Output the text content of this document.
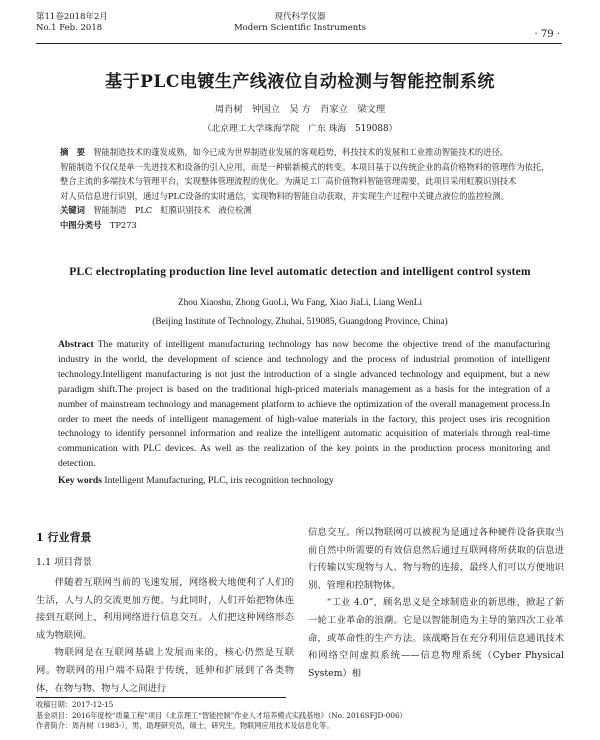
第11卷2018年2月
No.1 Feb. 2018
现代科学仪器
Modern Scientific Instruments
· 79 ·
基于PLC电镀生产线液位自动检测与智能控制系统
周肖树　钟国立　吴 方　肖家立　梁文理
（北京理工大学珠海学院　广东 珠海　519088）

摘　要　 智能制造技术的蓬发成熟，如今已成为世界制造业发展的客观趋势，科技技术的发展和工业推动智能技术的进径。

智能制造不仅仅是单一先进技术和设备的引入应用，而是一种崭新模式的转变。本项目基于以传统企业的高价格物料的管理作为依托，

整合主流的多端技术与管理平台，实现整体管理流程的优化。为满足工厂高价值物料智能管理需要，此项目采用虹膜识别技术

对人员信息进行识别，通过与PLC设备的实时通信，实现物料的智能自动获取，并实现生产过程中关键点液位的监控检测。

关键词　 智能制造　PLC　虹膜识别技术　液位检测

中图分类号　 TP273

PLC electroplating production line level automatic detection and intelligent control system
Zhou Xiaoshu, Zhong GuoLi, Wu Fang, Xiao JiaLi, Liang WenLi
(Beijing Institute of Technology, Zhuhai, 519085, Guangdong Province, China)

Abstract The maturity of intelligent manufacturing technology has now become the objective trend of the manufacturing industry in the world, the development of science and technology and the process of industrial promotion of intelligent technology.Intelligent manufacturing is not just the introduction of a single advanced technology and equipment, but a new paradigm shift.The project is based on the traditional high-priced materials management as a basis for the integration of a number of mainstream technology and management platform to achieve the optimization of the overall management process.In order to meet the needs of intelligent management of high-value materials in the factory, this project uses iris recognition technology to identify personnel information and realize the intelligent automatic acquisition of materials through real-time communication with PLC devices. As well as the realization of the key points in the production process monitoring and detection.

Key words Intelligent Manufacturing, PLC, iris recognition technology

1 行业背景
1.1 项目背景

伴随着互联网当前的飞速发展，网络极大地便利了人们的生活，人与人的交流更加方便。与此同时，人们开始把物体连接到互联网上，利用网络进行信息交互。人们把这种网络形态成为物联网。

物联网是在互联网基础上发展而来的，核心仍然是互联网。物联网的用户端不局限于传统，延伸和扩展到了各类物体，在物与物、物与人之间进行

信息交互。所以物联网可以被视为是通过各种硬件设备获取当前自然中所需要的有效信息然后通过互联网将所获取的信息进行传输以实现物与人、物与物的连接，最终人们可以方便地识别、管理和控制物体。

“工业 4.0”，顾名思义是全球制造业的新思维，掀起了新一轮工业革命的浪潮。它是以智能制造为主导的第四次工业革命，或革命性的生产方法。该战略旨在充分利用信息通讯技术和网络空间虚拟系统——信息物理系统（Cyber Physical System）相

收稿日期：2017-12-15
基金项目：2016年度校“质量工程”项目《北京理工“智能控制”作业人才培养模式实践基地》（No. 2016SFJD-006）
作者简介：周肖树（1983-），男，助理研究员，硕士，研究生，物联网应用技术及信息化等。
